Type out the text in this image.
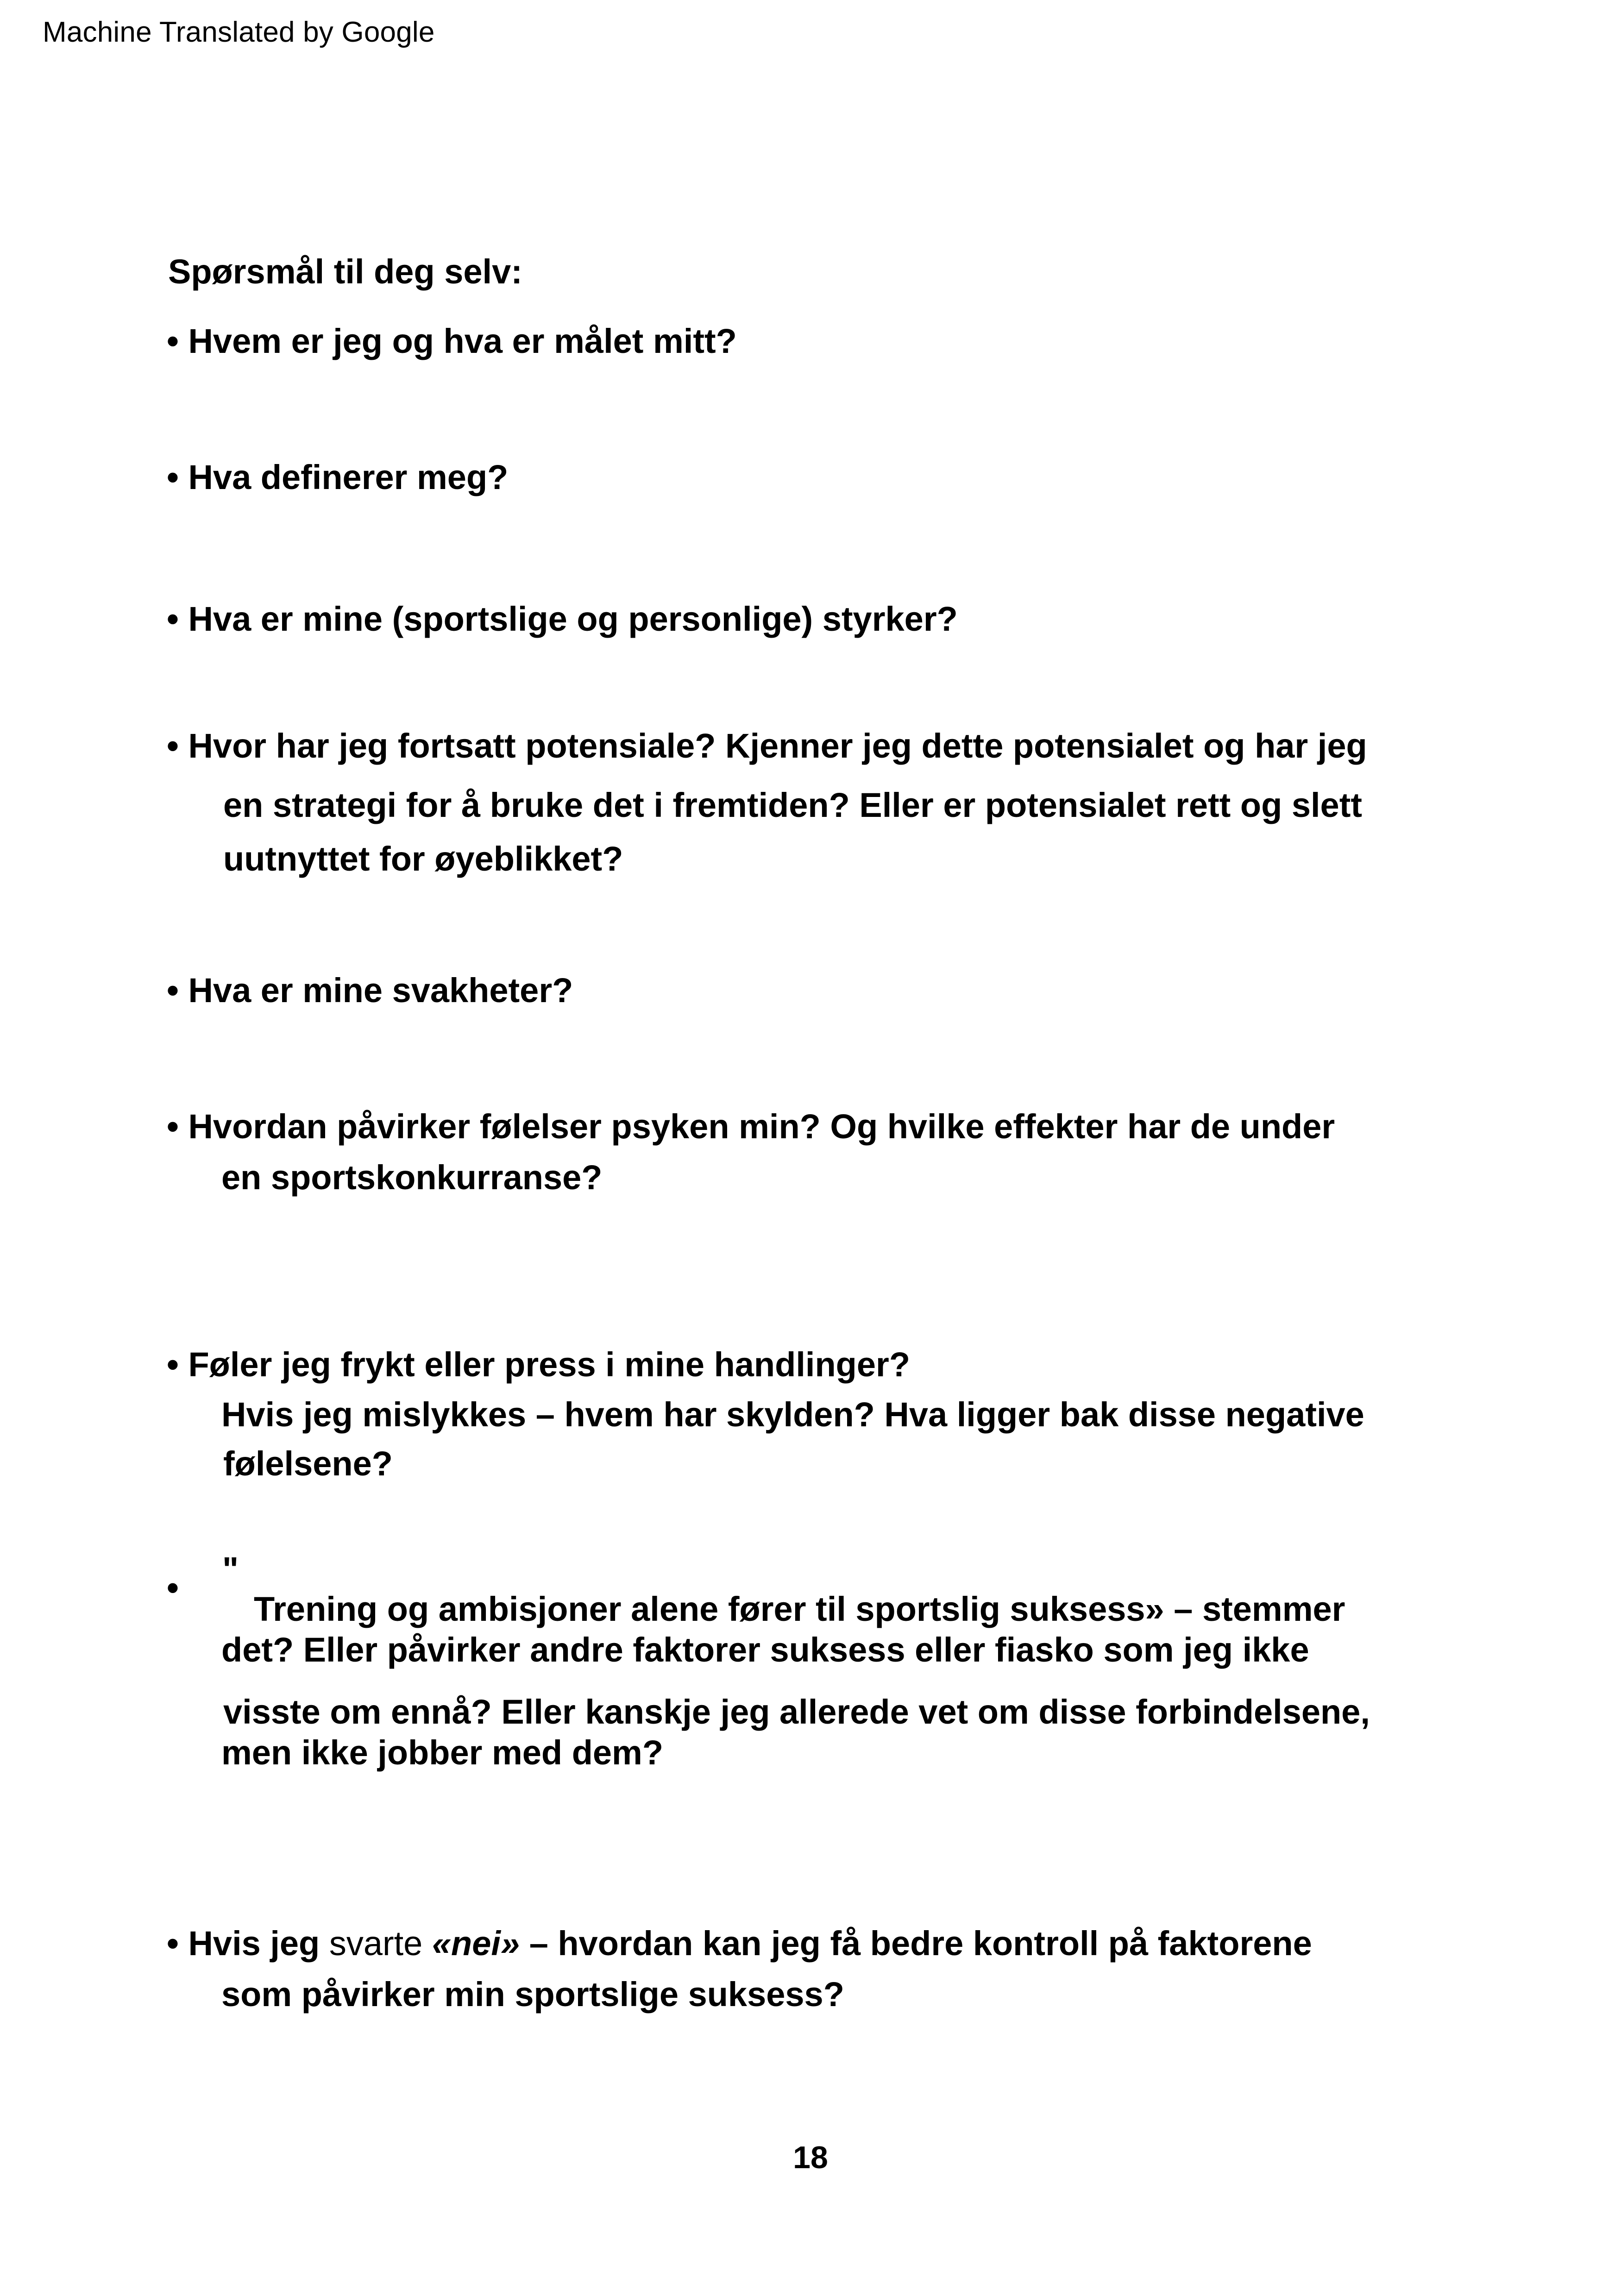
Machine Translated by Google
Spørsmål til deg selv:
• Hvem er jeg og hva er målet mitt?
• Hva definerer meg?
• Hva er mine (sportslige og personlige) styrker?
• Hvor har jeg fortsatt potensiale? Kjenner jeg dette potensialet og har jeg
en strategi for å bruke det i fremtiden? Eller er potensialet rett og slett
uutnyttet for øyeblikket?
• Hva er mine svakheter?
• Hvordan påvirker følelser psyken min? Og hvilke effekter har de under
en sportskonkurranse?
• Føler jeg frykt eller press i mine handlinger?
Hvis jeg mislykkes – hvem har skylden? Hva ligger bak disse negative
følelsene?
• "
Trening og ambisjoner alene fører til sportslig suksess» – stemmer
det? Eller påvirker andre faktorer suksess eller fiasko som jeg ikke
visste om ennå? Eller kanskje jeg allerede vet om disse forbindelsene,
men ikke jobber med dem?
• Hvis jeg svarte «nei» – hvordan kan jeg få bedre kontroll på faktorene
som påvirker min sportslige suksess?
18
